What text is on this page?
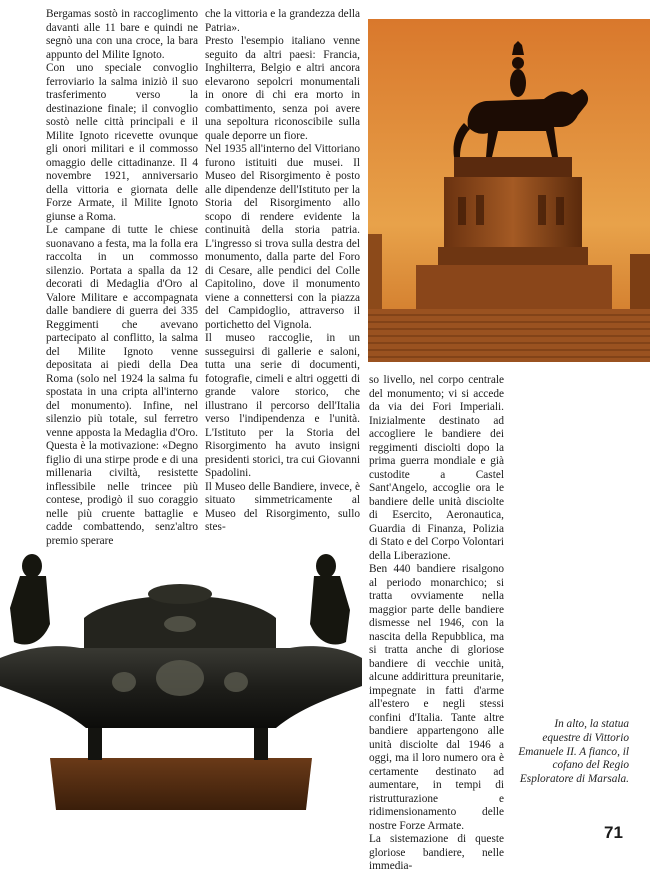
Bergamas sostò in raccoglimento davanti alle 11 bare e quindi ne segnò una con una croce, la bara appunto del Milite Ignoto.

Con uno speciale convoglio ferroviario la salma iniziò il suo trasferimento verso la destinazione finale; il convoglio sostò nelle città principali e il Milite Ignoto ricevette ovunque gli onori militari e il commosso omaggio delle cittadinanze. Il 4 novembre 1921, anniversario della vittoria e giornata delle Forze Armate, il Milite Ignoto giunse a Roma.

Le campane di tutte le chiese suonavano a festa, ma la folla era raccolta in un commosso silenzio. Portata a spalla da 12 decorati di Medaglia d'Oro al Valore Militare e accompagnata dalle bandiere di guerra dei 335 Reggimenti che avevano partecipato al conflitto, la salma del Milite Ignoto venne depositata ai piedi della Dea Roma (solo nel 1924 la salma fu spostata in una cripta all'interno del monumento). Infine, nel silenzio più totale, sul ferretro venne apposta la Medaglia d'Oro. Questa è la motivazione: «Degno figlio di una stirpe prode e di una millenaria civiltà, resistette inflessibile nelle trincee più contese, prodigò il suo coraggio nelle più cruente battaglie e cadde combattendo, senz'altro premio sperare

che la vittoria e la grandezza della Patria».

Presto l'esempio italiano venne seguito da altri paesi: Francia, Inghilterra, Belgio e altri ancora elevarono sepolcri monumentali in onore di chi era morto in combattimento, senza poi avere una sepoltura riconoscibile sulla quale deporre un fiore.

Nel 1935 all'interno del Vittoriano furono istituiti due musei. Il Museo del Risorgimento è posto alle dipendenze dell'Istituto per la Storia del Risorgimento allo scopo di rendere evidente la continuità della storia patria. L'ingresso si trova sulla destra del monumento, dalla parte del Foro di Cesare, alle pendici del Colle Capitolino, dove il monumento viene a connettersi con la piazza del Campidoglio, attraverso il portichetto del Vignola.

Il museo raccoglie, in un susseguirsi di gallerie e saloni, tutta una serie di documenti, fotografie, cimeli e altri oggetti di grande valore storico, che illustrano il percorso dell'Italia verso l'indipendenza e l'unità. L'Istituto per la Storia del Risorgimento ha avuto insigni presidenti storici, tra cui Giovanni Spadolini.

Il Museo delle Bandiere, invece, è situato simmetricamente al Museo del Risorgimento, sullo stes-

so livello, nel corpo centrale del monumento; vi si accede da via dei Fori Imperiali. Inizialmente destinato ad accogliere le bandiere dei reggimenti disciolti dopo la prima guerra mondiale e già custodite a Castel Sant'Angelo, accoglie ora le bandiere delle unità disciolte di Esercito, Aeronautica, Guardia di Finanza, Polizia di Stato e del Corpo Volontari della Liberazione.

Ben 440 bandiere risalgono al periodo monarchico; si tratta ovviamente nella maggior parte delle bandiere dismesse nel 1946, con la nascita della Repubblica, ma si tratta anche di gloriose bandiere di vecchie unità, alcune addirittura preunitarie, impegnate in fatti d'arme all'estero e negli stessi confini d'Italia. Tante altre bandiere appartengono alle unità disciolte dal 1946 a oggi, ma il loro numero ora è certamente destinato ad aumentare, in tempi di ristrutturazione e ridimensionamento delle nostre Forze Armate.

La sistemazione di queste gloriose bandiere, nelle immedia-

In alto, la statua equestre di Vittorio Emanuele II. A fianco, il cofano del Regio Esploratore di Marsala.
71
